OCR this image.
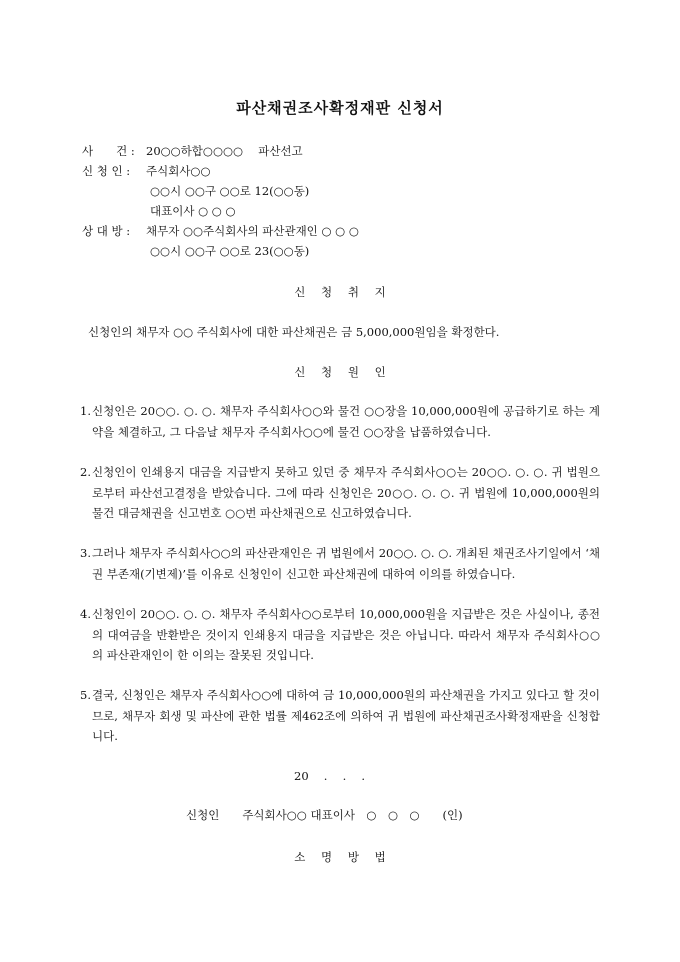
파산채권조사확정재판 신청서
사　　건 : 20○○하합○○○○　 파산선고
신 청 인 : 주식회사○○
○○시 ○○구 ○○로 12(○○동)
대표이사 ○ ○ ○
상 대 방 : 채무자 ○○주식회사의 파산관재인 ○ ○ ○
○○시 ○○구 ○○로 23(○○동)
신 청 취 지
신청인의 채무자 ○○ 주식회사에 대한 파산채권은 금 5,000,000원임을 확정한다.
신 청 원 인
1. 신청인은 20○○. ○. ○. 채무자 주식회사○○와 물건 ○○장을 10,000,000원에 공급하기로 하는 계약을 체결하고, 그 다음날 채무자 주식회사○○에 물건 ○○장을 납품하였습니다.
2. 신청인이 인쇄용지 대금을 지급받지 못하고 있던 중 채무자 주식회사○○는 20○○. ○. ○. 귀 법원으로부터 파산선고결정을 받았습니다. 그에 따라 신청인은 20○○. ○. ○. 귀 법원에 10,000,000원의 물건 대금채권을 신고번호 ○○번 파산채권으로 신고하였습니다.
3. 그러나 채무자 주식회사○○의 파산관재인은 귀 법원에서 20○○. ○. ○. 개최된 채권조사기일에서 ‘채권 부존재(기변제)’를 이유로 신청인이 신고한 파산채권에 대하여 이의를 하였습니다.
4. 신청인이 20○○. ○. ○. 채무자 주식회사○○로부터 10,000,000원을 지급받은 것은 사실이나, 종전의 대여금을 반환받은 것이지 인쇄용지 대금을 지급받은 것은 아닙니다. 따라서 채무자 주식회사○○의 파산관재인이 한 이의는 잘못된 것입니다.
5. 결국, 신청인은 채무자 주식회사○○에 대하여 금 10,000,000원의 파산채권을 가지고 있다고 할 것이므로, 채무자 회생 및 파산에 관한 법률 제462조에 의하여 귀 법원에 파산채권조사확정재판을 신청합니다.
20　 .　 .　 .
신청인　　주식회사○○ 대표이사　○　○　○　　(인)
소 명 방 법
